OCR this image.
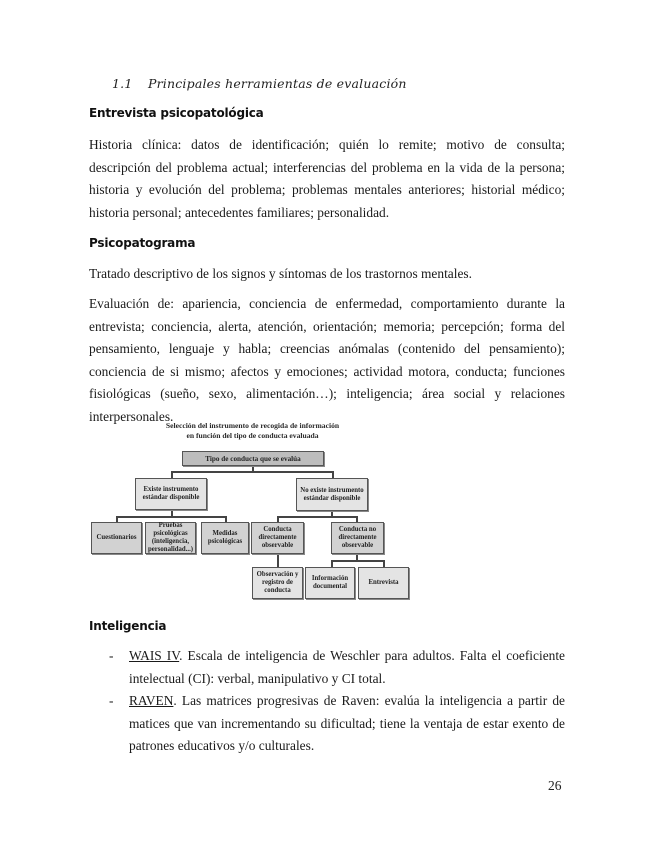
1.1 Principales herramientas de evaluación
Entrevista psicopatológica

Historia clínica: datos de identificación; quién lo remite; motivo de consulta; descripción del problema actual; interferencias del problema en la vida de la persona; historia y evolución del problema; problemas mentales anteriores; historial médico; historia personal; antecedentes familiares; personalidad.

Psicopatograma

Tratado descriptivo de los signos y síntomas de los trastornos mentales.

Evaluación de: apariencia, conciencia de enfermedad, comportamiento durante la entrevista; conciencia, alerta, atención, orientación; memoria; percepción; forma del pensamiento, lenguaje y habla; creencias anómalas (contenido del pensamiento); conciencia de si mismo; afectos y emociones; actividad motora, conducta; funciones fisiológicas (sueño, sexo, alimentación…); inteligencia; área social y relaciones interpersonales.

Selección del instrumento de recogida de información
en función del tipo de conducta evaluada
Tipo de conducta que se evalúa
Existe instrumento estándar disponible
No existe instrumento estándar disponible
Cuestionarios
Pruebas psicológicas (inteligencia, personalidad...)
Medidas psicológicas
Conducta directamente observable
Conducta no directamente observable
Observación y registro de conducta
Información documental
Entrevista
Inteligencia
- WAIS IV. Escala de inteligencia de Weschler para adultos. Falta el coeficiente intelectual (CI): verbal, manipulativo y CI total.
- RAVEN. Las matrices progresivas de Raven: evalúa la inteligencia a partir de matices que van incrementando su dificultad; tiene la ventaja de estar exento de patrones educativos y/o culturales.
26
